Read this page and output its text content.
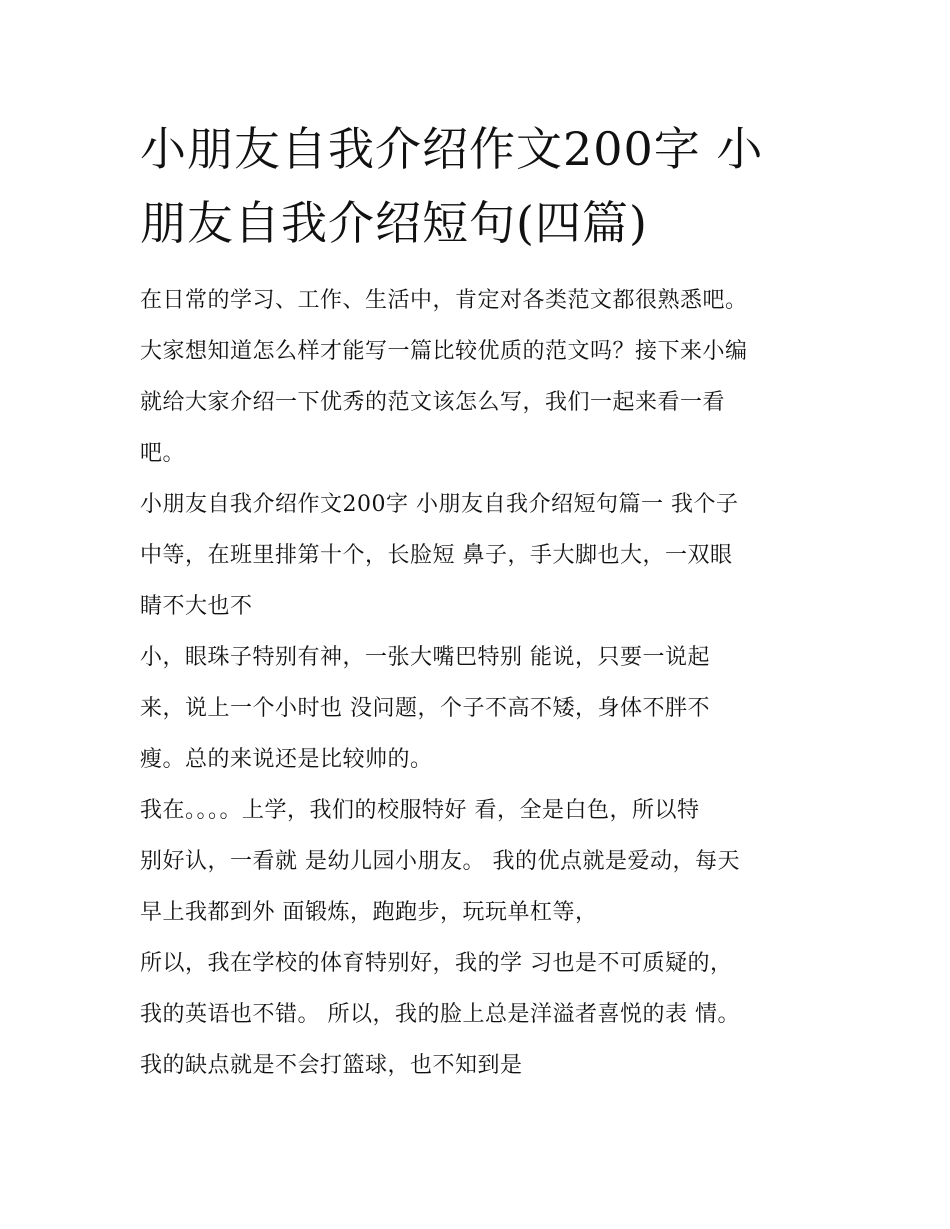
小朋友自我介绍作文200字 小
朋友自我介绍短句(四篇)
在日常的学习、工作、生活中，肯定对各类范文都很熟悉吧。
大家想知道怎么样才能写一篇比较优质的范文吗？接下来小编
就给大家介绍一下优秀的范文该怎么写，我们一起来看一看
吧。
小朋友自我介绍作文200字 小朋友自我介绍短句篇一 我个子
中等，在班里排第十个，长脸短 鼻子，手大脚也大，一双眼
睛不大也不
小，眼珠子特别有神，一张大嘴巴特别 能说，只要一说起
来，说上一个小时也 没问题，个子不高不矮，身体不胖不
瘦。总的来说还是比较帅的。
我在。。。。上学，我们的校服特好 看，全是白色，所以特
别好认，一看就 是幼儿园小朋友。 我的优点就是爱动，每天
早上我都到外 面锻炼，跑跑步，玩玩单杠等，
所以，我在学校的体育特别好，我的学 习也是不可质疑的，
我的英语也不错。 所以，我的脸上总是洋溢者喜悦的表 情。
我的缺点就是不会打篮球，也不知到是
